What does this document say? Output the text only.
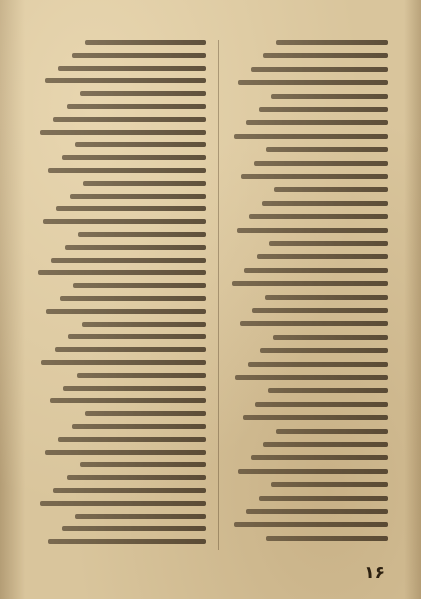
۱۶
